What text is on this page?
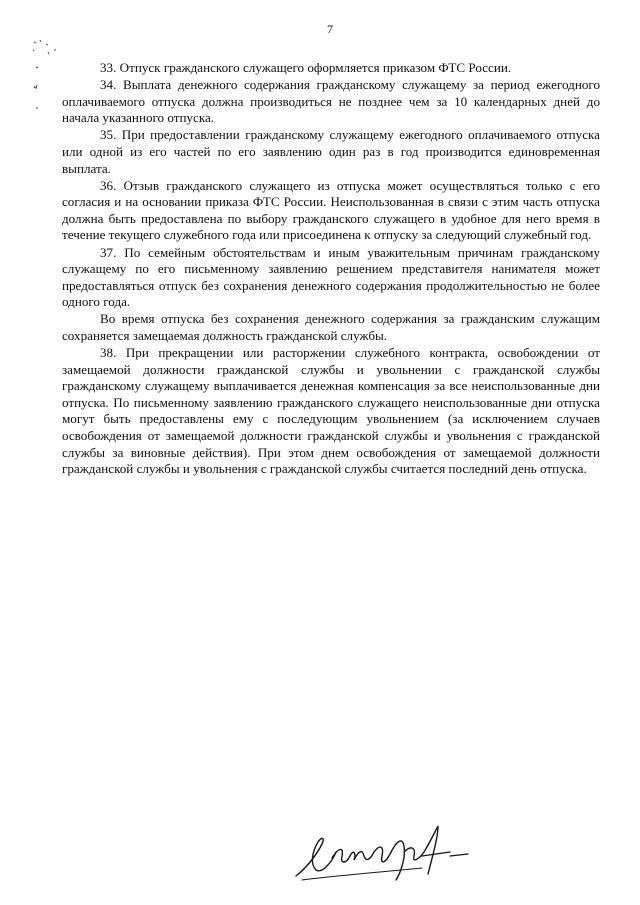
7

33. Отпуск гражданского служащего оформляется приказом ФТС России.

34. Выплата денежного содержания гражданскому служащему за период ежегодного оплачиваемого отпуска должна производиться не позднее чем за 10 календарных дней до начала указанного отпуска.

35. При предоставлении гражданскому служащему ежегодного оплачиваемого отпуска или одной из его частей по его заявлению один раз в год производится единовременная выплата.

36. Отзыв гражданского служащего из отпуска может осуществляться только с его согласия и на основании приказа ФТС России. Неиспользованная в связи с этим часть отпуска должна быть предоставлена по выбору гражданского служащего в удобное для него время в течение текущего служебного года или присоединена к отпуску за следующий служебный год.

37. По семейным обстоятельствам и иным уважительным причинам гражданскому служащему по его письменному заявлению решением представителя нанимателя может предоставляться отпуск без сохранения денежного содержания продолжительностью не более одного года.

Во время отпуска без сохранения денежного содержания за гражданским служащим сохраняется замещаемая должность гражданской службы.

38. При прекращении или расторжении служебного контракта, освобождении от замещаемой должности гражданской службы и увольнении с гражданской службы гражданскому служащему выплачивается денежная компенсация за все неиспользованные дни отпуска. По письменному заявлению гражданского служащего неиспользованные дни отпуска могут быть предоставлены ему с последующим увольнением (за исключением случаев освобождения от замещаемой должности гражданской службы и увольнения с гражданской службы за виновные действия). При этом днем освобождения от замещаемой должности гражданской службы и увольнения с гражданской службы считается последний день отпуска.
